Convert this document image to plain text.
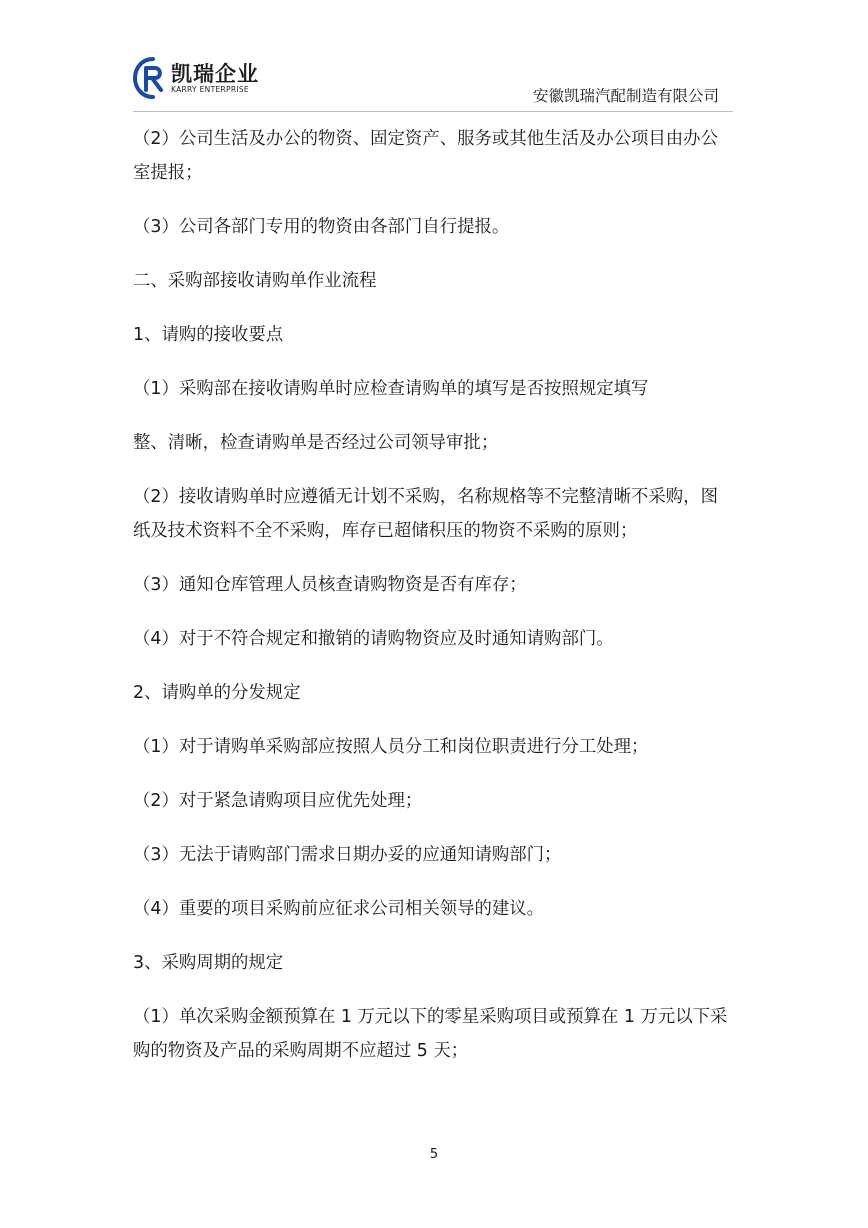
凯瑞企业
KARRY ENTERPRISE	安徽凯瑞汽配制造有限公司

（2）公司生活及办公的物资、固定资产、服务或其他生活及办公项目由办公室提报；

（3）公司各部门专用的物资由各部门自行提报。

二、采购部接收请购单作业流程

1、请购的接收要点

（1）采购部在接收请购单时应检查请购单的填写是否按照规定填写

整、清晰，检查请购单是否经过公司领导审批；

（2）接收请购单时应遵循无计划不采购，名称规格等不完整清晰不采购，图纸及技术资料不全不采购，库存已超储积压的物资不采购的原则；

（3）通知仓库管理人员核查请购物资是否有库存；

（4）对于不符合规定和撤销的请购物资应及时通知请购部门。

2、请购单的分发规定

（1）对于请购单采购部应按照人员分工和岗位职责进行分工处理；

（2）对于紧急请购项目应优先处理；

（3）无法于请购部门需求日期办妥的应通知请购部门；

（4）重要的项目采购前应征求公司相关领导的建议。

3、采购周期的规定

（1）单次采购金额预算在 1 万元以下的零星采购项目或预算在 1 万元以下采购的物资及产品的采购周期不应超过 5 天；

5
